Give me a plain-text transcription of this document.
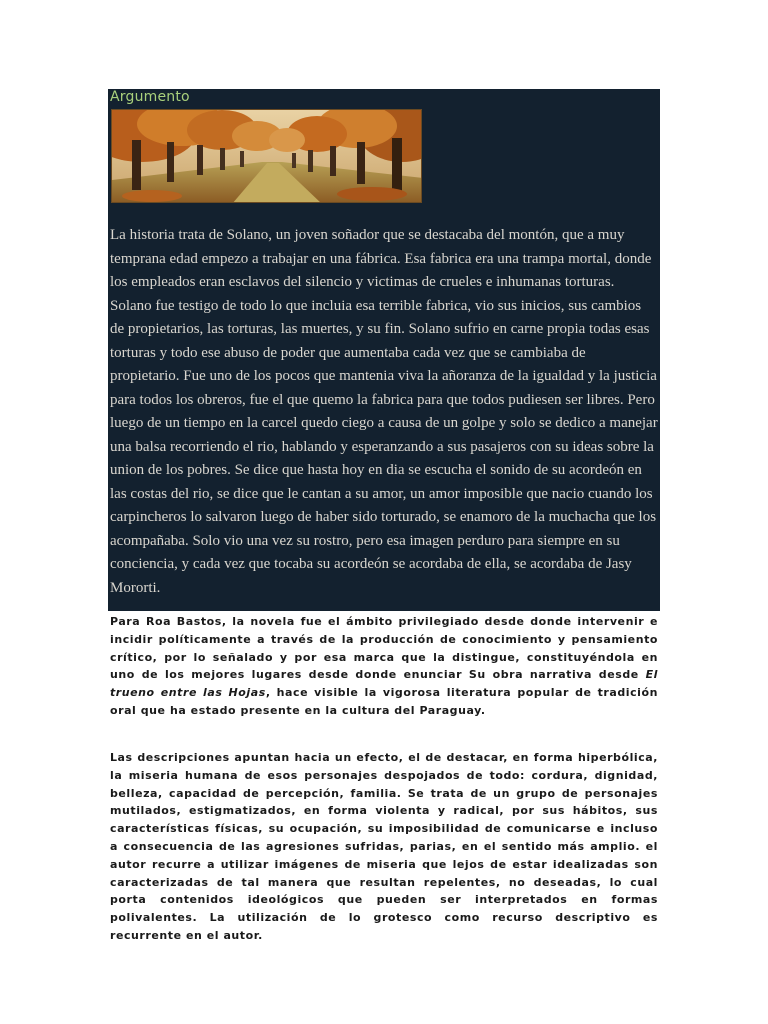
Argumento

La historia trata de Solano, un joven soñador que se destacaba del montón, que a muy temprana edad empezo a trabajar en una fábrica. Esa fabrica era una trampa mortal, donde los empleados eran esclavos del silencio y victimas de crueles e inhumanas torturas. Solano fue testigo de todo lo que incluia esa terrible fabrica, vio sus inicios, sus cambios de propietarios, las torturas, las muertes, y su fin. Solano sufrio en carne propia todas esas torturas y todo ese abuso de poder que aumentaba cada vez que se cambiaba de propietario. Fue uno de los pocos que mantenia viva la añoranza de la igualdad y la justicia para todos los obreros, fue el que quemo la fabrica para que todos pudiesen ser libres. Pero luego de un tiempo en la carcel quedo ciego a causa de un golpe y solo se dedico a manejar una balsa recorriendo el rio, hablando y esperanzando a sus pasajeros con su ideas sobre la union de los pobres. Se dice que hasta hoy en dia se escucha el sonido de su acordeón en las costas del rio, se dice que le cantan a su amor, un amor imposible que nacio cuando los carpincheros lo salvaron luego de haber sido torturado, se enamoro de la muchacha que los acompañaba. Solo vio una vez su rostro, pero esa imagen perduro para siempre en su conciencia, y cada vez que tocaba su acordeón se acordaba de ella, se acordaba de Jasy Mororti.

Para Roa Bastos, la novela fue el ámbito privilegiado desde donde intervenir e incidir políticamente a través de la producción de conocimiento y pensamiento crítico, por lo señalado y por esa marca que la distingue, constituyéndola en uno de los mejores lugares desde donde enunciar Su obra narrativa desde El trueno entre las Hojas, hace visible la vigorosa literatura popular de tradición oral que ha estado presente en la cultura del Paraguay.

Las descripciones apuntan hacia un efecto, el de destacar, en forma hiperbólica, la miseria humana de esos personajes despojados de todo: cordura, dignidad, belleza, capacidad de percepción, familia. Se trata de un grupo de personajes mutilados, estigmatizados, en forma violenta y radical, por sus hábitos, sus características físicas, su ocupación, su imposibilidad de comunicarse e incluso a consecuencia de las agresiones sufridas, parias, en el sentido más amplio. el autor recurre a utilizar imágenes de miseria que lejos de estar idealizadas son caracterizadas de tal manera que resultan repelentes, no deseadas, lo cual porta contenidos ideológicos que pueden ser interpretados en formas polivalentes. La utilización de lo grotesco como recurso descriptivo es recurrente en el autor.
